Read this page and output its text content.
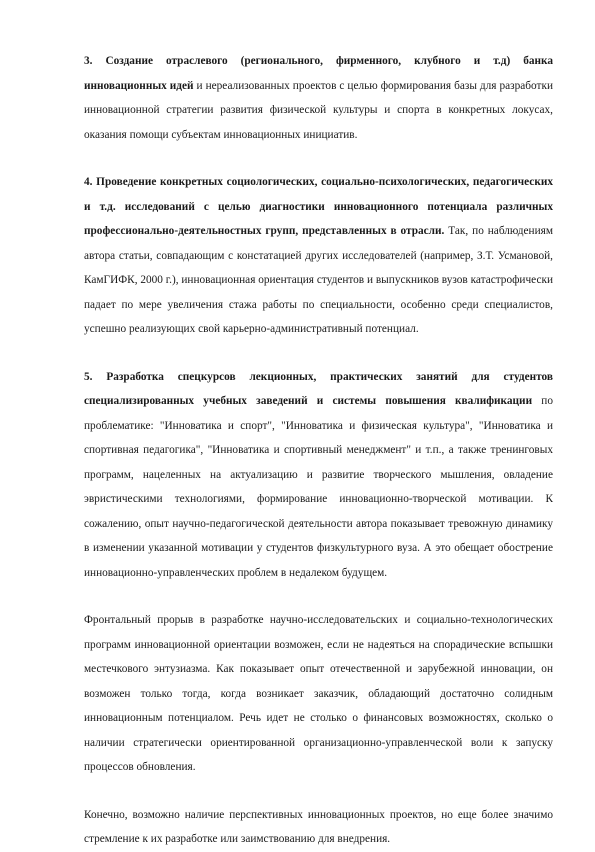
3. Создание отраслевого (регионального, фирменного, клубного и т.д) банка инновационных идей и нереализованных проектов с целью формирования базы для разработки инновационной стратегии развития физической культуры и спорта в конкретных локусах, оказания помощи субъектам инновационных инициатив.

4. Проведение конкретных социологических, социально-психологических, педагогических и т.д. исследований с целью диагностики инновационного потенциала различных профессионально-деятельностных групп, представленных в отрасли. Так, по наблюдениям автора статьи, совпадающим с констатацией других исследователей (например, З.Т. Усмановой, КамГИФК, 2000 г.), инновационная ориентация студентов и выпускников вузов катастрофически падает по мере увеличения стажа работы по специальности, особенно среди специалистов, успешно реализующих свой карьерно-административный потенциал.

5. Разработка спецкурсов лекционных, практических занятий для студентов специализированных учебных заведений и системы повышения квалификации по проблематике: "Инноватика и спорт", "Инноватика и физическая культура", "Инноватика и спортивная педагогика", "Инноватика и спортивный менеджмент" и т.п., а также тренинговых программ, нацеленных на актуализацию и развитие творческого мышления, овладение эвристическими технологиями, формирование инновационно-творческой мотивации. К сожалению, опыт научно-педагогической деятельности автора показывает тревожную динамику в изменении указанной мотивации у студентов физкультурного вуза. А это обещает обострение инновационно-управленческих проблем в недалеком будущем.

Фронтальный прорыв в разработке научно-исследовательских и социально-технологических программ инновационной ориентации возможен, если не надеяться на спорадические вспышки местечкового энтузиазма. Как показывает опыт отечественной и зарубежной инновации, он возможен только тогда, когда возникает заказчик, обладающий достаточно солидным инновационным потенциалом. Речь идет не столько о финансовых возможностях, сколько о наличии стратегически ориентированной организационно-управленческой воли к запуску процессов обновления.

Конечно, возможно наличие перспективных инновационных проектов, но еще более значимо стремление к их разработке или заимствованию для внедрения.
